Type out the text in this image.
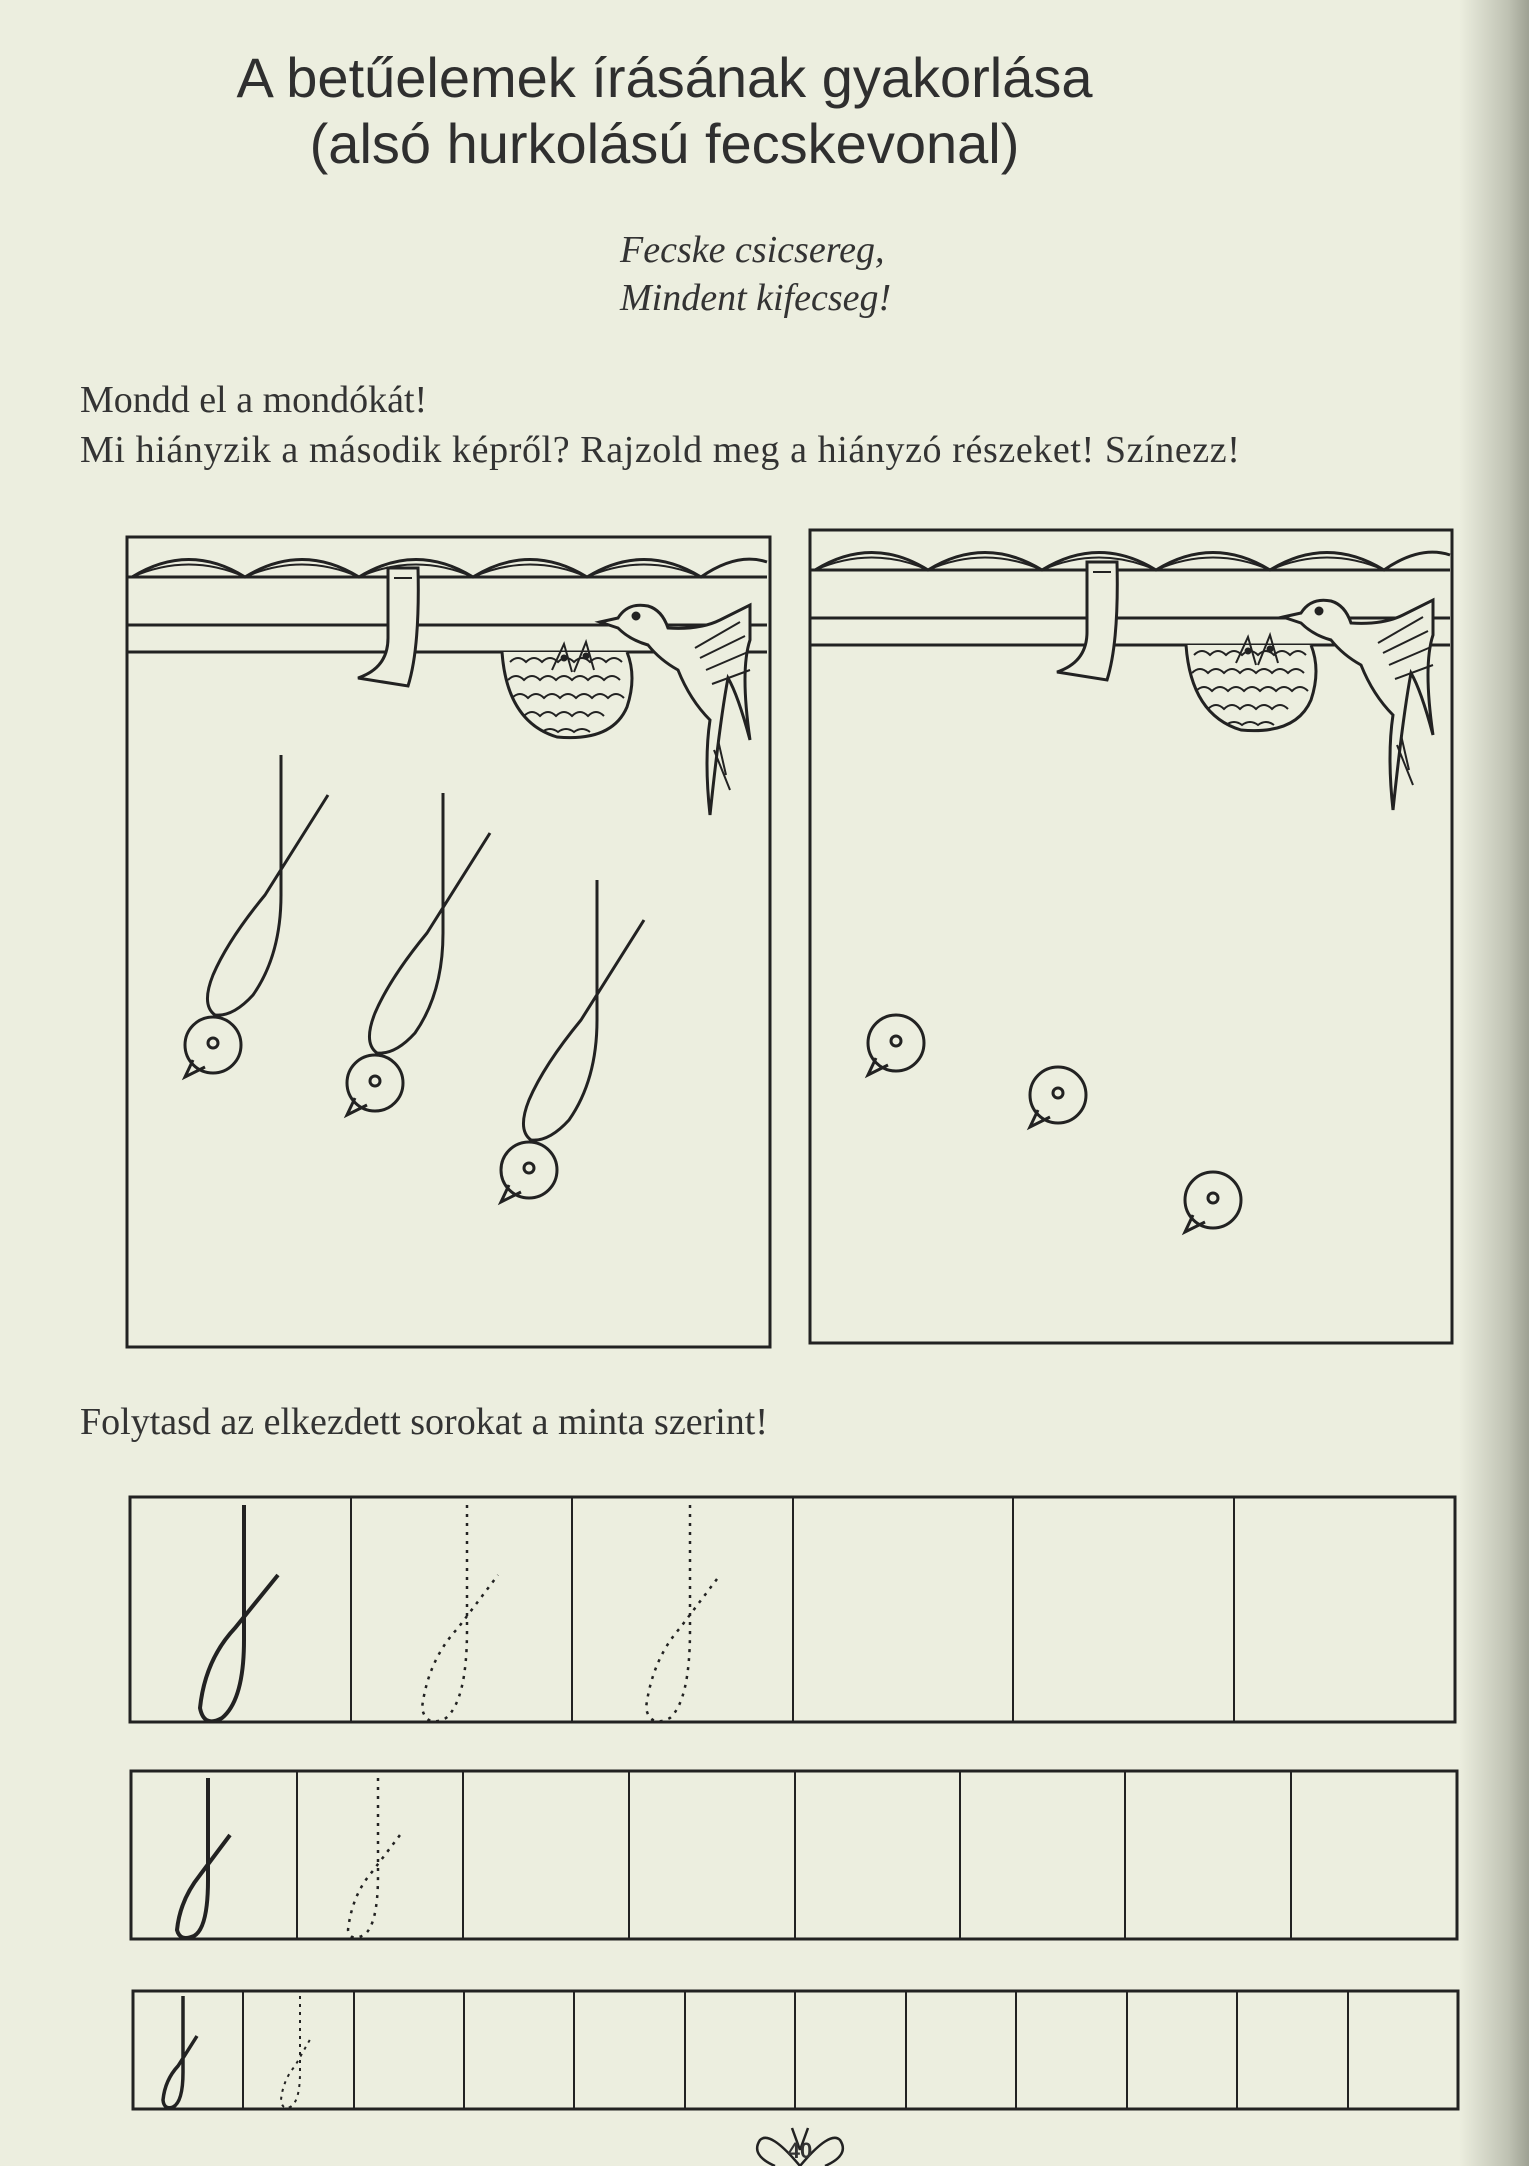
A betűelemek írásának gyakorlása
(alsó hurkolású fecskevonal)
Fecske csicsereg,
Mindent kifecseg!
Mondd el a mondókát!
Mi hiányzik a második képről? Rajzold meg a hiányzó részeket! Színezz!
Folytasd az elkezdett sorokat a minta szerint!
40
